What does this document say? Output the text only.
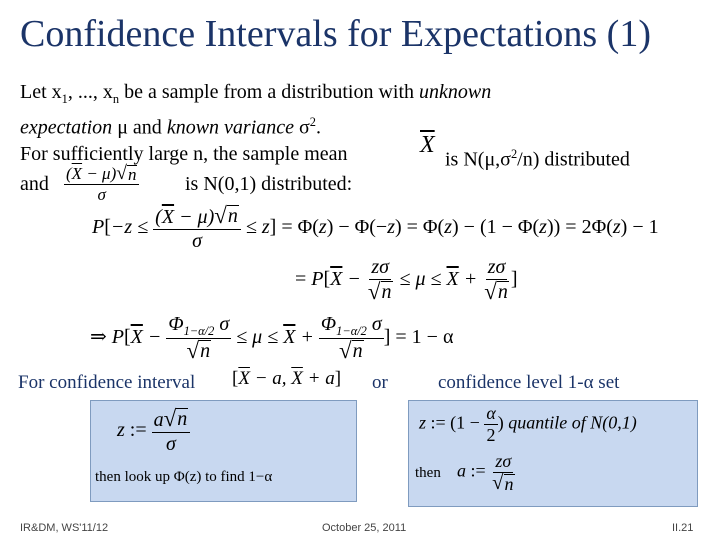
Confidence Intervals for Expectations (1)
Let $x_1$, ..., $x_n$ be a sample from a distribution with unknown
expectation μ and known variance $\sigma^2$.
For sufficiently large n, the sample mean	$\overline{X}$
is $N(\mu,\sigma^2/n)$ distributed
and $\frac{(\overline{X} - \mu) √ n}{\sigma}$ is N(0,1) distributed:
$P[-z \le \frac{(\overline{X} - \mu) √ n}{\sigma} \le z] = \Phi(z) - \Phi(-z) = \Phi(z) - (1 - \Phi(z)) = 2\Phi(z) - 1$
= $P[\overline{X} - \frac{z\sigma}{√ n} \le \mu \le \overline{X} + \frac{z\sigma}{√ n}$ ]
⇒ $P[\overline{X} - \frac{\Phi_{1-\alpha/2} \sigma}{√ n} \le \mu \le \overline{X} + \frac{\Phi_{1-\alpha/2} \sigma}{√ n}$ ] = 1 − α
For confidence interval [$\overline{X} - a$, $\overline{X} + a$] or	confidence level 1-α set
z := $\frac{a √ n}{\sigma}$
then look up Φ(z) to find 1−α
z := ($1 - \frac{\alpha}{2}$ ) quantile of N(0,1)
then a := $\frac{z\sigma}{√ n}$
IR&DM, WS'11/12	October 25, 2011	II.21
